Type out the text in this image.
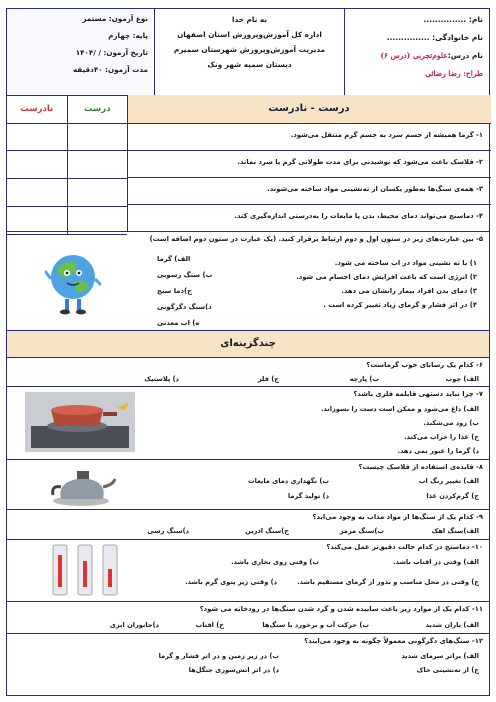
نام: ...............
نام خانوادگی: ...............
نام درس:
علوم‌تجربی (درس ۶)
طراح: رضا رضائی
به نام خدا
اداره کل آموزش‌وپرورش استان اصفهان
مدیریت آموزش‌وپرورش شهرستان سمیرم
دبستان سمیه شهر ونک
نوع آزمون: مستمر
پایه: چهارم
تاریخ آزمون: / /۱۴۰۴
مدت آزمون: ۴۰دقیقه
نادرست	درست	درست - نادرست
۱- گرما همیشه از جسم سرد به جسم گرم منتقل می‌شود.
۲- فلاسک باعث می‌شود که نوشیدنی برای مدت طولانی گرم یا سرد بماند.
۳- همه‌ی سنگ‌ها به‌طور یکسان از ته‌نشینی مواد ساخته می‌شوند.
۴- دماسنج می‌تواند دمای محیط، بدن یا مایعات را به‌درستی اندازه‌گیری کند.
۵- بین عبارت‌های زیر در ستون اول و دوم ارتباط برقرار کنید. (یک عبارت در ستون دوم اضافه است)
۱) با ته نشینی مواد در اب ساخته می شود.
۲) انرژی است که باعث افزایش دمای اجسام می شود.
۳) دمای بدن افراد بیمار رانشان می دهد.
۴) در اثر فشار و گرمای زیاد تغییر کرده است .
الف) گرما
ب) سنگ رسوبی
ج)دما سنج
د)سنگ دگرگونی
ه) اب معدنی
چندگزینه‌ای
۶- کدام یک رسانای خوب گرماست؟
الف) چوب
ب) پارچه
ج) فلز
د) پلاستیک
۷- چرا نباید دستهی قابلمه فلزی باشد؟
الف) داغ می‌شود و ممکن است دست را بسوزاند.
ب) زود می‌شکند.
ج) غذا را خراب می‌کند.
د) گرما را عبور نمی دهد.
۸- فایده‌ی استفاده از فلاسک چیست؟
الف) تغییر رنگ اب
ب) نگهداری دمای مایعات
ج) گرم‌کردن غذا
د) تولید گرما
۹- کدام یک از سنگ‌ها از مواد مذاب به وجود می‌اید؟
الف)سنگ اهک
ب)سنگ مرمر
ج)سنگ اذرین
د)سنگ رسی
۱۰- دماسنج در کدام حالت دقیق‌تر عمل می‌کند؟
الف) وقتی در افتاب باشد.
ب) وقتی روی بخاری باشد.
ج) وقتی در محل مناسب و بدور از گرمای مستقیم باشد.
د) وقتی زیر پتوی گرم باشد.
۱۱- کدام یک از موارد زیر باعث ساییده شدن و گرد شدن سنگ‌ها در رودخانه می شود؟
الف) باران شدید
ب) حرکت آب و برخورد با سنگ‌ها
ج) افتاب
د)جانوران ابزی
۱۲- سنگ‌های دگرگونی معمولاً چگونه به وجود می‌ایند؟
الف) براثر سرمای شدید
ب) در زیر زمین و در اثر فشار و گرما
ج) از ته‌نشینی خاک
د) در اثر اتش‌سوزی جنگل‌ها
